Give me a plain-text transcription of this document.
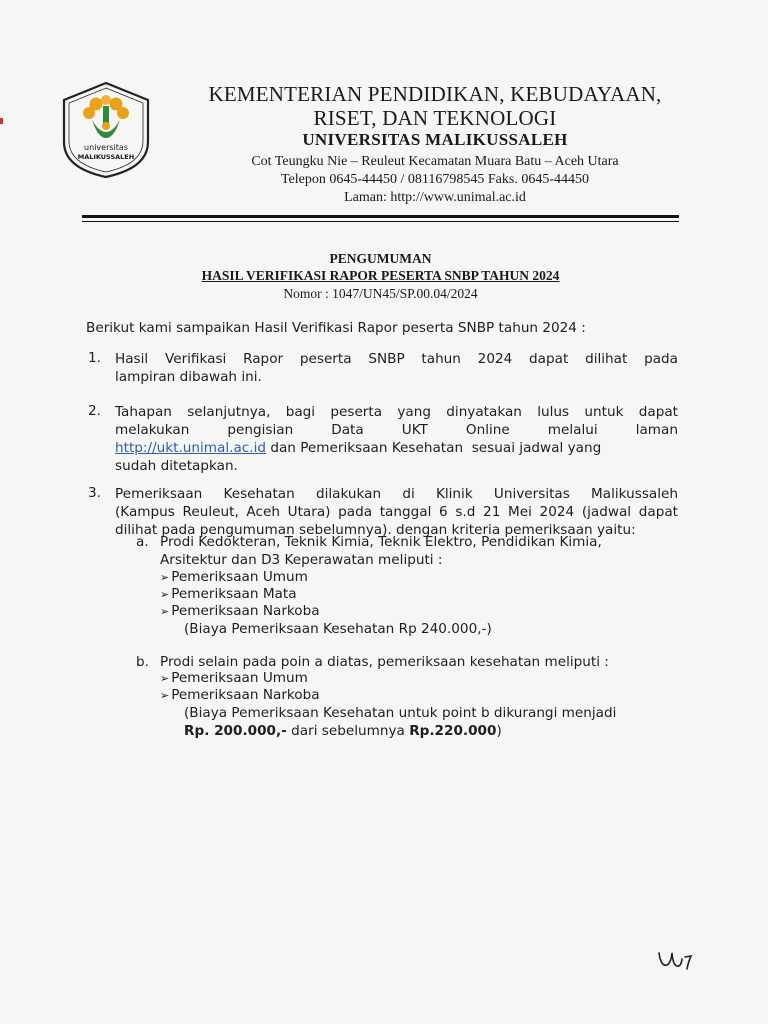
universitas
MALIKUSSALEH
KEMENTERIAN PENDIDIKAN, KEBUDAYAAN,
RISET, DAN TEKNOLOGI
UNIVERSITAS MALIKUSSALEH
Cot Teungku Nie – Reuleut Kecamatan Muara Batu – Aceh Utara
Telepon 0645-44450 / 08116798545 Faks. 0645-44450
Laman: http://www.unimal.ac.id
PENGUMUMAN
HASIL VERIFIKASI RAPOR PESERTA SNBP TAHUN 2024
Nomor : 1047/UN45/SP.00.04/2024
Berikut kami sampaikan Hasil Verifikasi Rapor peserta SNBP tahun 2024 :
1. Hasil Verifikasi Rapor peserta SNBP tahun 2024 dapat dilihat pada
lampiran dibawah ini.
2. Tahapan selanjutnya, bagi peserta yang dinyatakan lulus untuk dapat
melakukan pengisian Data UKT Online melalui laman
http://ukt.unimal.ac.id dan Pemeriksaan Kesehatan  sesuai jadwal yang
sudah ditetapkan.
3. Pemeriksaan Kesehatan dilakukan di Klinik Universitas Malikussaleh
(Kampus Reuleut, Aceh Utara) pada tanggal 6 s.d 21 Mei 2024 (jadwal dapat
dilihat pada pengumuman sebelumnya). dengan kriteria pemeriksaan yaitu:
a. Prodi Kedokteran, Teknik Kimia, Teknik Elektro, Pendidikan Kimia,
Arsitektur dan D3 Keperawatan meliputi :
➢ Pemeriksaan Umum
➢ Pemeriksaan Mata
➢ Pemeriksaan Narkoba
(Biaya Pemeriksaan Kesehatan Rp 240.000,-)
b. Prodi selain pada poin a diatas, pemeriksaan kesehatan meliputi :
➢ Pemeriksaan Umum
➢ Pemeriksaan Narkoba
(Biaya Pemeriksaan Kesehatan untuk point b dikurangi menjadi
Rp. 200.000,- dari sebelumnya Rp.220.000)
